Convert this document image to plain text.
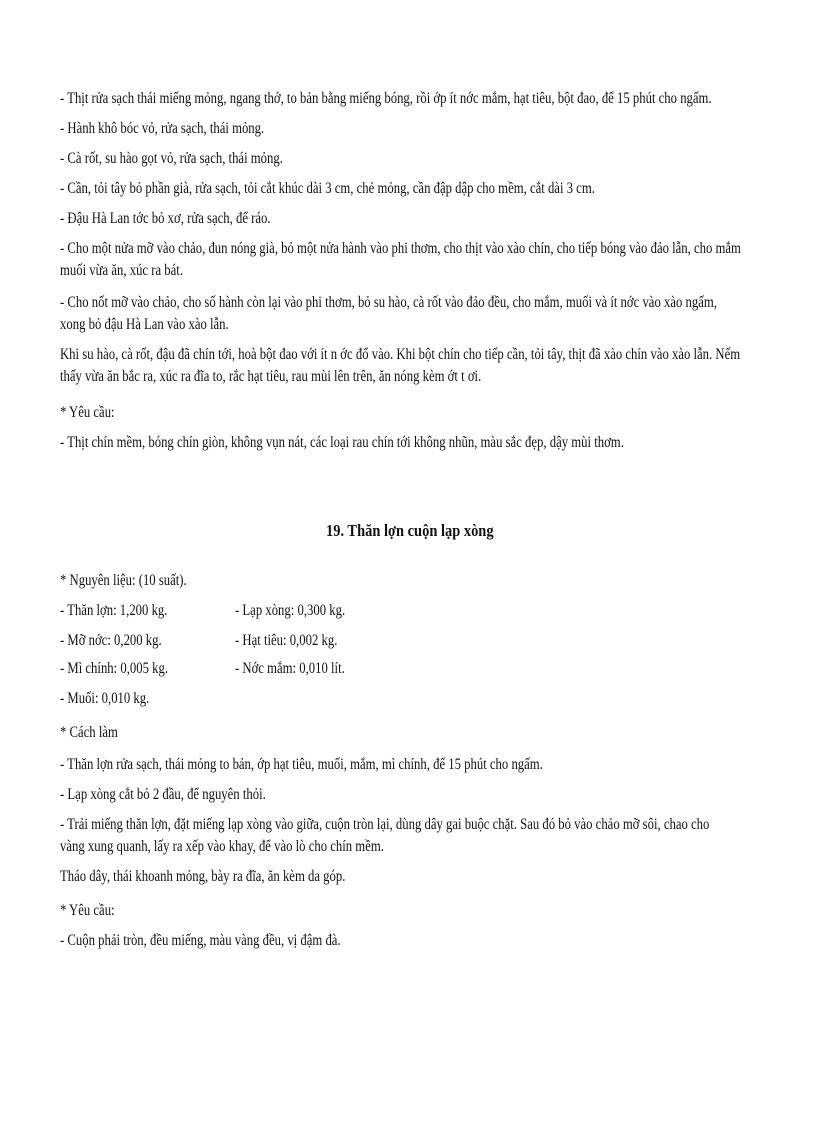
- Thịt rửa sạch thái miếng mỏng, ngang thớ, to bản bằng miếng bóng, rồi ớp ít nớc mắm, hạt tiêu, bột đao, để 15 phút cho ngấm.
- Hành khô bóc vỏ, rửa sạch, thái mỏng.
- Cà rốt, su hào gọt vỏ, rửa sạch, thái mỏng.
- Cần, tỏi tây bỏ phần già, rửa sạch, tỏi cắt khúc dài 3 cm, chẻ mỏng, cần đập dập cho mềm, cắt dài 3 cm.
- Đậu Hà Lan tớc bỏ xơ, rửa sạch, để ráo.
- Cho một nửa mỡ vào chảo, đun nóng già, bỏ một nửa hành vào phi thơm, cho thịt vào xào chín, cho tiếp bóng vào đảo lẫn, cho mắm
muối vừa ăn, xúc ra bát.
- Cho nốt mỡ vào chảo, cho số hành còn lại vào phi thơm, bỏ su hào, cà rốt vào đảo đều, cho mắm, muối và ít nớc vào xào ngấm,
xong bỏ đậu Hà Lan vào xào lẫn.
Khi su hào, cà rốt, đậu đã chín tới, hoà bột đao với ít n ớc đổ vào. Khi bột chín cho tiếp cần, tỏi tây, thịt đã xào chín vào xào lẫn. Nếm
thấy vừa ăn bắc ra, xúc ra đĩa to, rắc hạt tiêu, rau mùi lên trên, ăn nóng kèm ớt t ơi.
* Yêu cầu:
- Thịt chín mềm, bóng chín giòn, không vụn nát, các loại rau chín tới không nhũn, màu sắc đẹp, dậy mùi thơm.
19. Thăn lợn cuộn lạp xòng
* Nguyên liệu: (10 suất).
- Thăn lợn: 1,200 kg.	- Lạp xòng: 0,300 kg.
- Mỡ nớc: 0,200 kg.	- Hạt tiêu: 0,002 kg.
- Mì chính: 0,005 kg.	- Nớc mắm: 0,010 lít.
- Muối: 0,010 kg.
* Cách làm
- Thăn lợn rửa sạch, thái mỏng to bản, ớp hạt tiêu, muối, mắm, mì chính, để 15 phút cho ngấm.
- Lạp xòng cắt bỏ 2 đầu, để nguyên thỏi.
- Trải miếng thăn lợn, đặt miếng lạp xòng vào giữa, cuộn tròn lại, dùng dây gai buộc chặt. Sau đó bỏ vào chảo mỡ sôi, chao cho
vàng xung quanh, lấy ra xếp vào khay, để vào lò cho chín mềm.
Tháo dây, thái khoanh mỏng, bày ra đĩa, ăn kèm da góp.
* Yêu cầu:
- Cuộn phải tròn, đều miếng, màu vàng đều, vị đậm đà.
